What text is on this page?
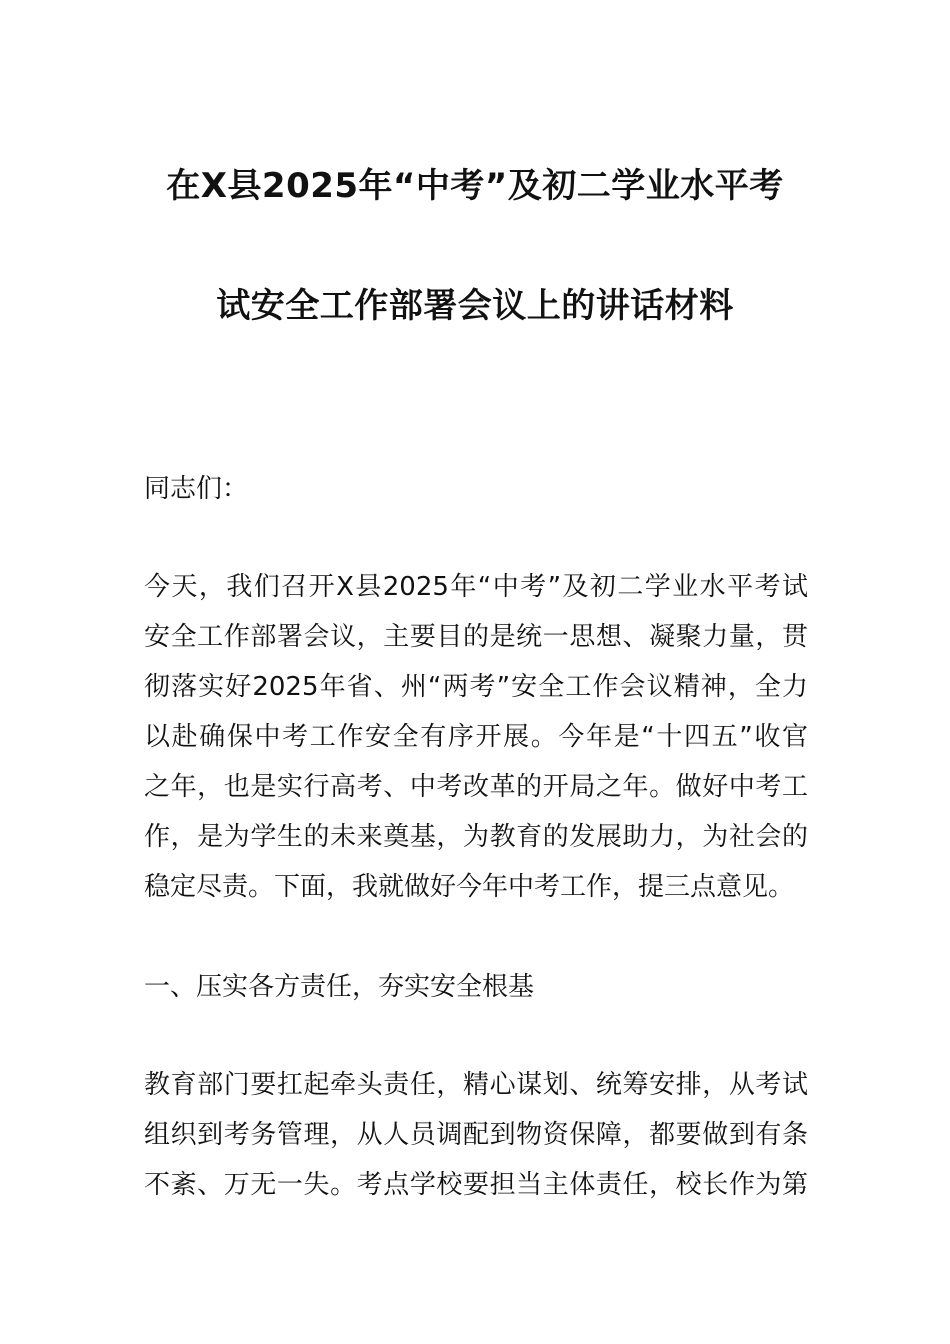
在X县2025年“中考”及初二学业水平考
试安全工作部署会议上的讲话材料
同志们：
今天，我们召开X县2025年“中考”及初二学业水平考试
安全工作部署会议，主要目的是统一思想、凝聚力量，贯
彻落实好2025年省、州“两考”安全工作会议精神，全力
以赴确保中考工作安全有序开展。今年是“十四五”收官
之年，也是实行高考、中考改革的开局之年。做好中考工
作，是为学生的未来奠基，为教育的发展助力，为社会的
稳定尽责。下面，我就做好今年中考工作，提三点意见。
一、压实各方责任，夯实安全根基
教育部门要扛起牵头责任，精心谋划、统筹安排，从考试
组织到考务管理，从人员调配到物资保障，都要做到有条
不紊、万无一失。考点学校要担当主体责任，校长作为第
